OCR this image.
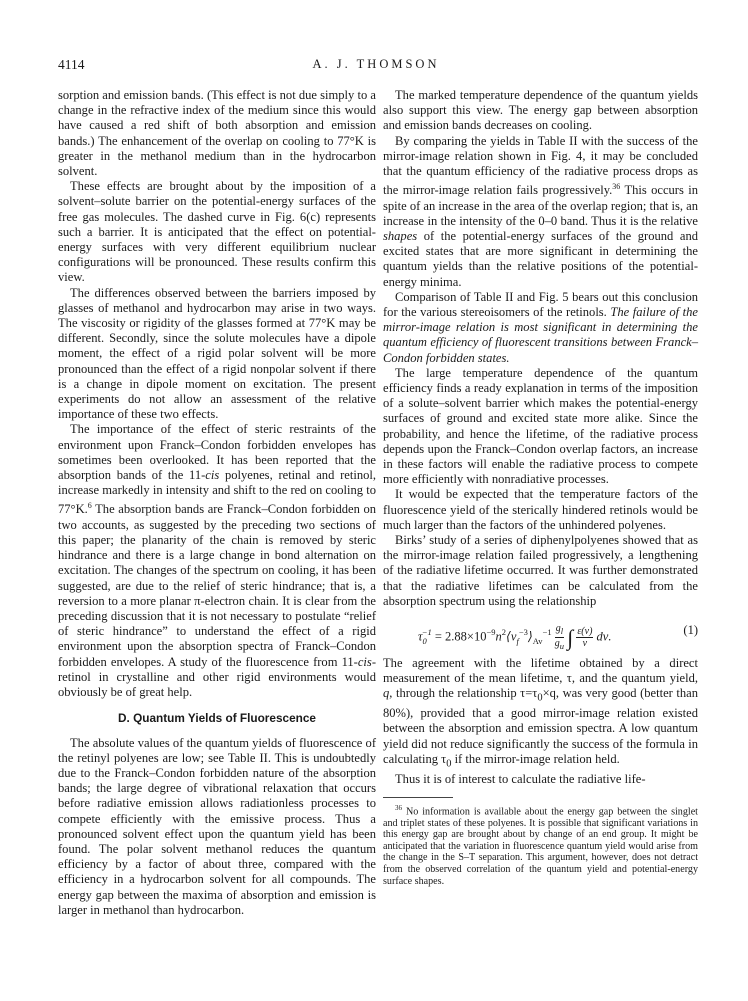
4114	A. J. THOMSON

sorption and emission bands. (This effect is not due simply to a change in the refractive index of the medium since this would have caused a red shift of both absorption and emission bands.) The enhancement of the overlap on cooling to 77°K is greater in the methanol medium than in the hydrocarbon solvent.

These effects are brought about by the imposition of a solvent–solute barrier on the potential-energy surfaces of the free gas molecules. The dashed curve in Fig. 6(c) represents such a barrier. It is anticipated that the effect on potential-energy surfaces with very different equilibrium nuclear configurations will be pronounced. These results confirm this view.

The differences observed between the barriers imposed by glasses of methanol and hydrocarbon may arise in two ways. The viscosity or rigidity of the glasses formed at 77°K may be different. Secondly, since the solute molecules have a dipole moment, the effect of a rigid polar solvent will be more pronounced than the effect of a rigid nonpolar solvent if there is a change in dipole moment on excitation. The present experiments do not allow an assessment of the relative importance of these two effects.

The importance of the effect of steric restraints of the environment upon Franck–Condon forbidden envelopes has sometimes been overlooked. It has been reported that the absorption bands of the 11-cis polyenes, retinal and retinol, increase markedly in intensity and shift to the red on cooling to 77°K.$^6$ The absorption bands are Franck–Condon forbidden on two accounts, as suggested by the preceding two sections of this paper; the planarity of the chain is removed by steric hindrance and there is a large change in bond alternation on excitation. The changes of the spectrum on cooling, it has been suggested, are due to the relief of steric hindrance; that is, a reversion to a more planar π-electron chain. It is clear from the preceding discussion that it is not necessary to postulate “relief of steric hindrance” to understand the effect of a rigid environment upon the absorption spectra of Franck–Condon forbidden envelopes. A study of the fluorescence from 11-cis-retinol in crystalline and other rigid environments would obviously be of great help.

D. Quantum Yields of Fluorescence

The absolute values of the quantum yields of fluorescence of the retinyl polyenes are low; see Table II. This is undoubtedly due to the Franck–Condon forbidden nature of the absorption bands; the large degree of vibrational relaxation that occurs before radiative emission allows radiationless processes to compete efficiently with the emissive process. Thus a pronounced solvent effect upon the quantum yield has been found. The polar solvent methanol reduces the quantum efficiency by a factor of about three, compared with the efficiency in a hydrocarbon solvent for all compounds. The energy gap between the maxima of absorption and emission is larger in methanol than hydrocarbon.

The marked temperature dependence of the quantum yields also support this view. The energy gap between absorption and emission bands decreases on cooling.

By comparing the yields in Table II with the success of the mirror-image relation shown in Fig. 4, it may be concluded that the quantum efficiency of the radiative process drops as the mirror-image relation fails progressively.$^{36}$ This occurs in spite of an increase in the area of the overlap region; that is, an increase in the intensity of the 0–0 band. Thus it is the relative shapes of the potential-energy surfaces of the ground and excited states that are more significant in determining the quantum yields than the relative positions of the potential-energy minima.

Comparison of Table II and Fig. 5 bears out this conclusion for the various stereoisomers of the retinols. The failure of the mirror-image relation is most significant in determining the quantum efficiency of fluorescent transitions between Franck–Condon forbidden states.

The large temperature dependence of the quantum efficiency finds a ready explanation in terms of the imposition of a solute–solvent barrier which makes the potential-energy surfaces of ground and excited state more alike. Since the probability, and hence the lifetime, of the radiative process depends upon the Franck–Condon overlap factors, an increase in these factors will enable the radiative process to compete more efficiently with nonradiative processes.

It would be expected that the temperature factors of the fluorescence yield of the sterically hindered retinols would be much larger than the factors of the unhindered polyenes.

Birks’ study of a series of diphenylpolyenes showed that as the mirror-image relation failed progressively, a lengthening of the radiative lifetime occurred. It was further demonstrated that the radiative lifetimes can be calculated from the absorption spectrum using the relationship

$\tau_0^{-1}$ = $2.88\times 10^{-9}n^2⟨\nu_f^{-3}⟩_{Av}^{-1} \frac{g_l}{g_u}$ ∫ $\frac{\varepsilon(\nu)}{\nu} d\nu$.	(1)

The agreement with the lifetime obtained by a direct measurement of the mean lifetime, τ, and the quantum yield, q, through the relationship $\tau=\tau_0\times q$, was very good (better than 80%), provided that a good mirror-image relation existed between the absorption and emission spectra. A low quantum yield did not reduce significantly the success of the formula in calculating $\tau_0$ if the mirror-image relation held.

Thus it is of interest to calculate the radiative life-

$^{36}$ No information is available about the energy gap between the singlet and triplet states of these polyenes. It is possible that significant variations in this energy gap are brought about by change of an end group. It might be anticipated that the variation in fluorescence quantum yield would arise from the change in the S–T separation. This argument, however, does not detract from the observed correlation of the quantum yield and potential-energy surface shapes.
